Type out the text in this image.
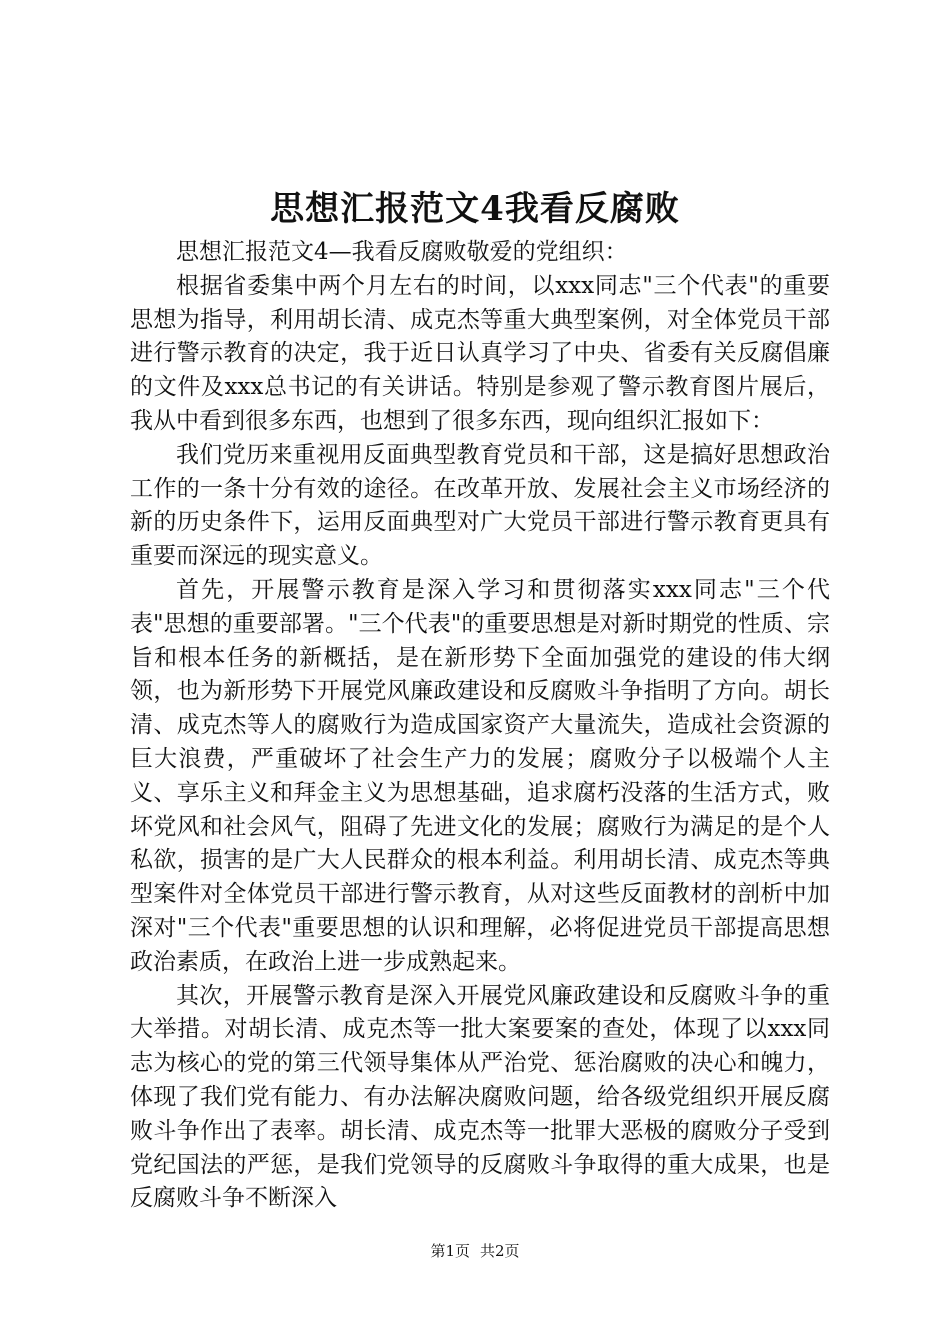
思想汇报范文4我看反腐败

思想汇报范文4—我看反腐败敬爱的党组织：

根据省委集中两个月左右的时间，以xxx同志"三个代表"的重要思想为指导，利用胡长清、成克杰等重大典型案例，对全体党员干部进行警示教育的决定，我于近日认真学习了中央、省委有关反腐倡廉的文件及xxx总书记的有关讲话。特别是参观了警示教育图片展后，我从中看到很多东西，也想到了很多东西，现向组织汇报如下：

我们党历来重视用反面典型教育党员和干部，这是搞好思想政治工作的一条十分有效的途径。在改革开放、发展社会主义市场经济的新的历史条件下，运用反面典型对广大党员干部进行警示教育更具有重要而深远的现实意义。

首先，开展警示教育是深入学习和贯彻落实xxx同志"三个代表"思想的重要部署。"三个代表"的重要思想是对新时期党的性质、宗旨和根本任务的新概括，是在新形势下全面加强党的建设的伟大纲领，也为新形势下开展党风廉政建设和反腐败斗争指明了方向。胡长清、成克杰等人的腐败行为造成国家资产大量流失，造成社会资源的巨大浪费，严重破坏了社会生产力的发展；腐败分子以极端个人主义、享乐主义和拜金主义为思想基础，追求腐朽没落的生活方式，败坏党风和社会风气，阻碍了先进文化的发展；腐败行为满足的是个人私欲，损害的是广大人民群众的根本利益。利用胡长清、成克杰等典型案件对全体党员干部进行警示教育，从对这些反面教材的剖析中加深对"三个代表"重要思想的认识和理解，必将促进党员干部提高思想政治素质，在政治上进一步成熟起来。

其次，开展警示教育是深入开展党风廉政建设和反腐败斗争的重大举措。对胡长清、成克杰等一批大案要案的查处，体现了以xxx同志为核心的党的第三代领导集体从严治党、惩治腐败的决心和魄力，体现了我们党有能力、有办法解决腐败问题，给各级党组织开展反腐败斗争作出了表率。胡长清、成克杰等一批罪大恶极的腐败分子受到党纪国法的严惩，是我们党领导的反腐败斗争取得的重大成果，也是反腐败斗争不断深入

第1页 共2页
